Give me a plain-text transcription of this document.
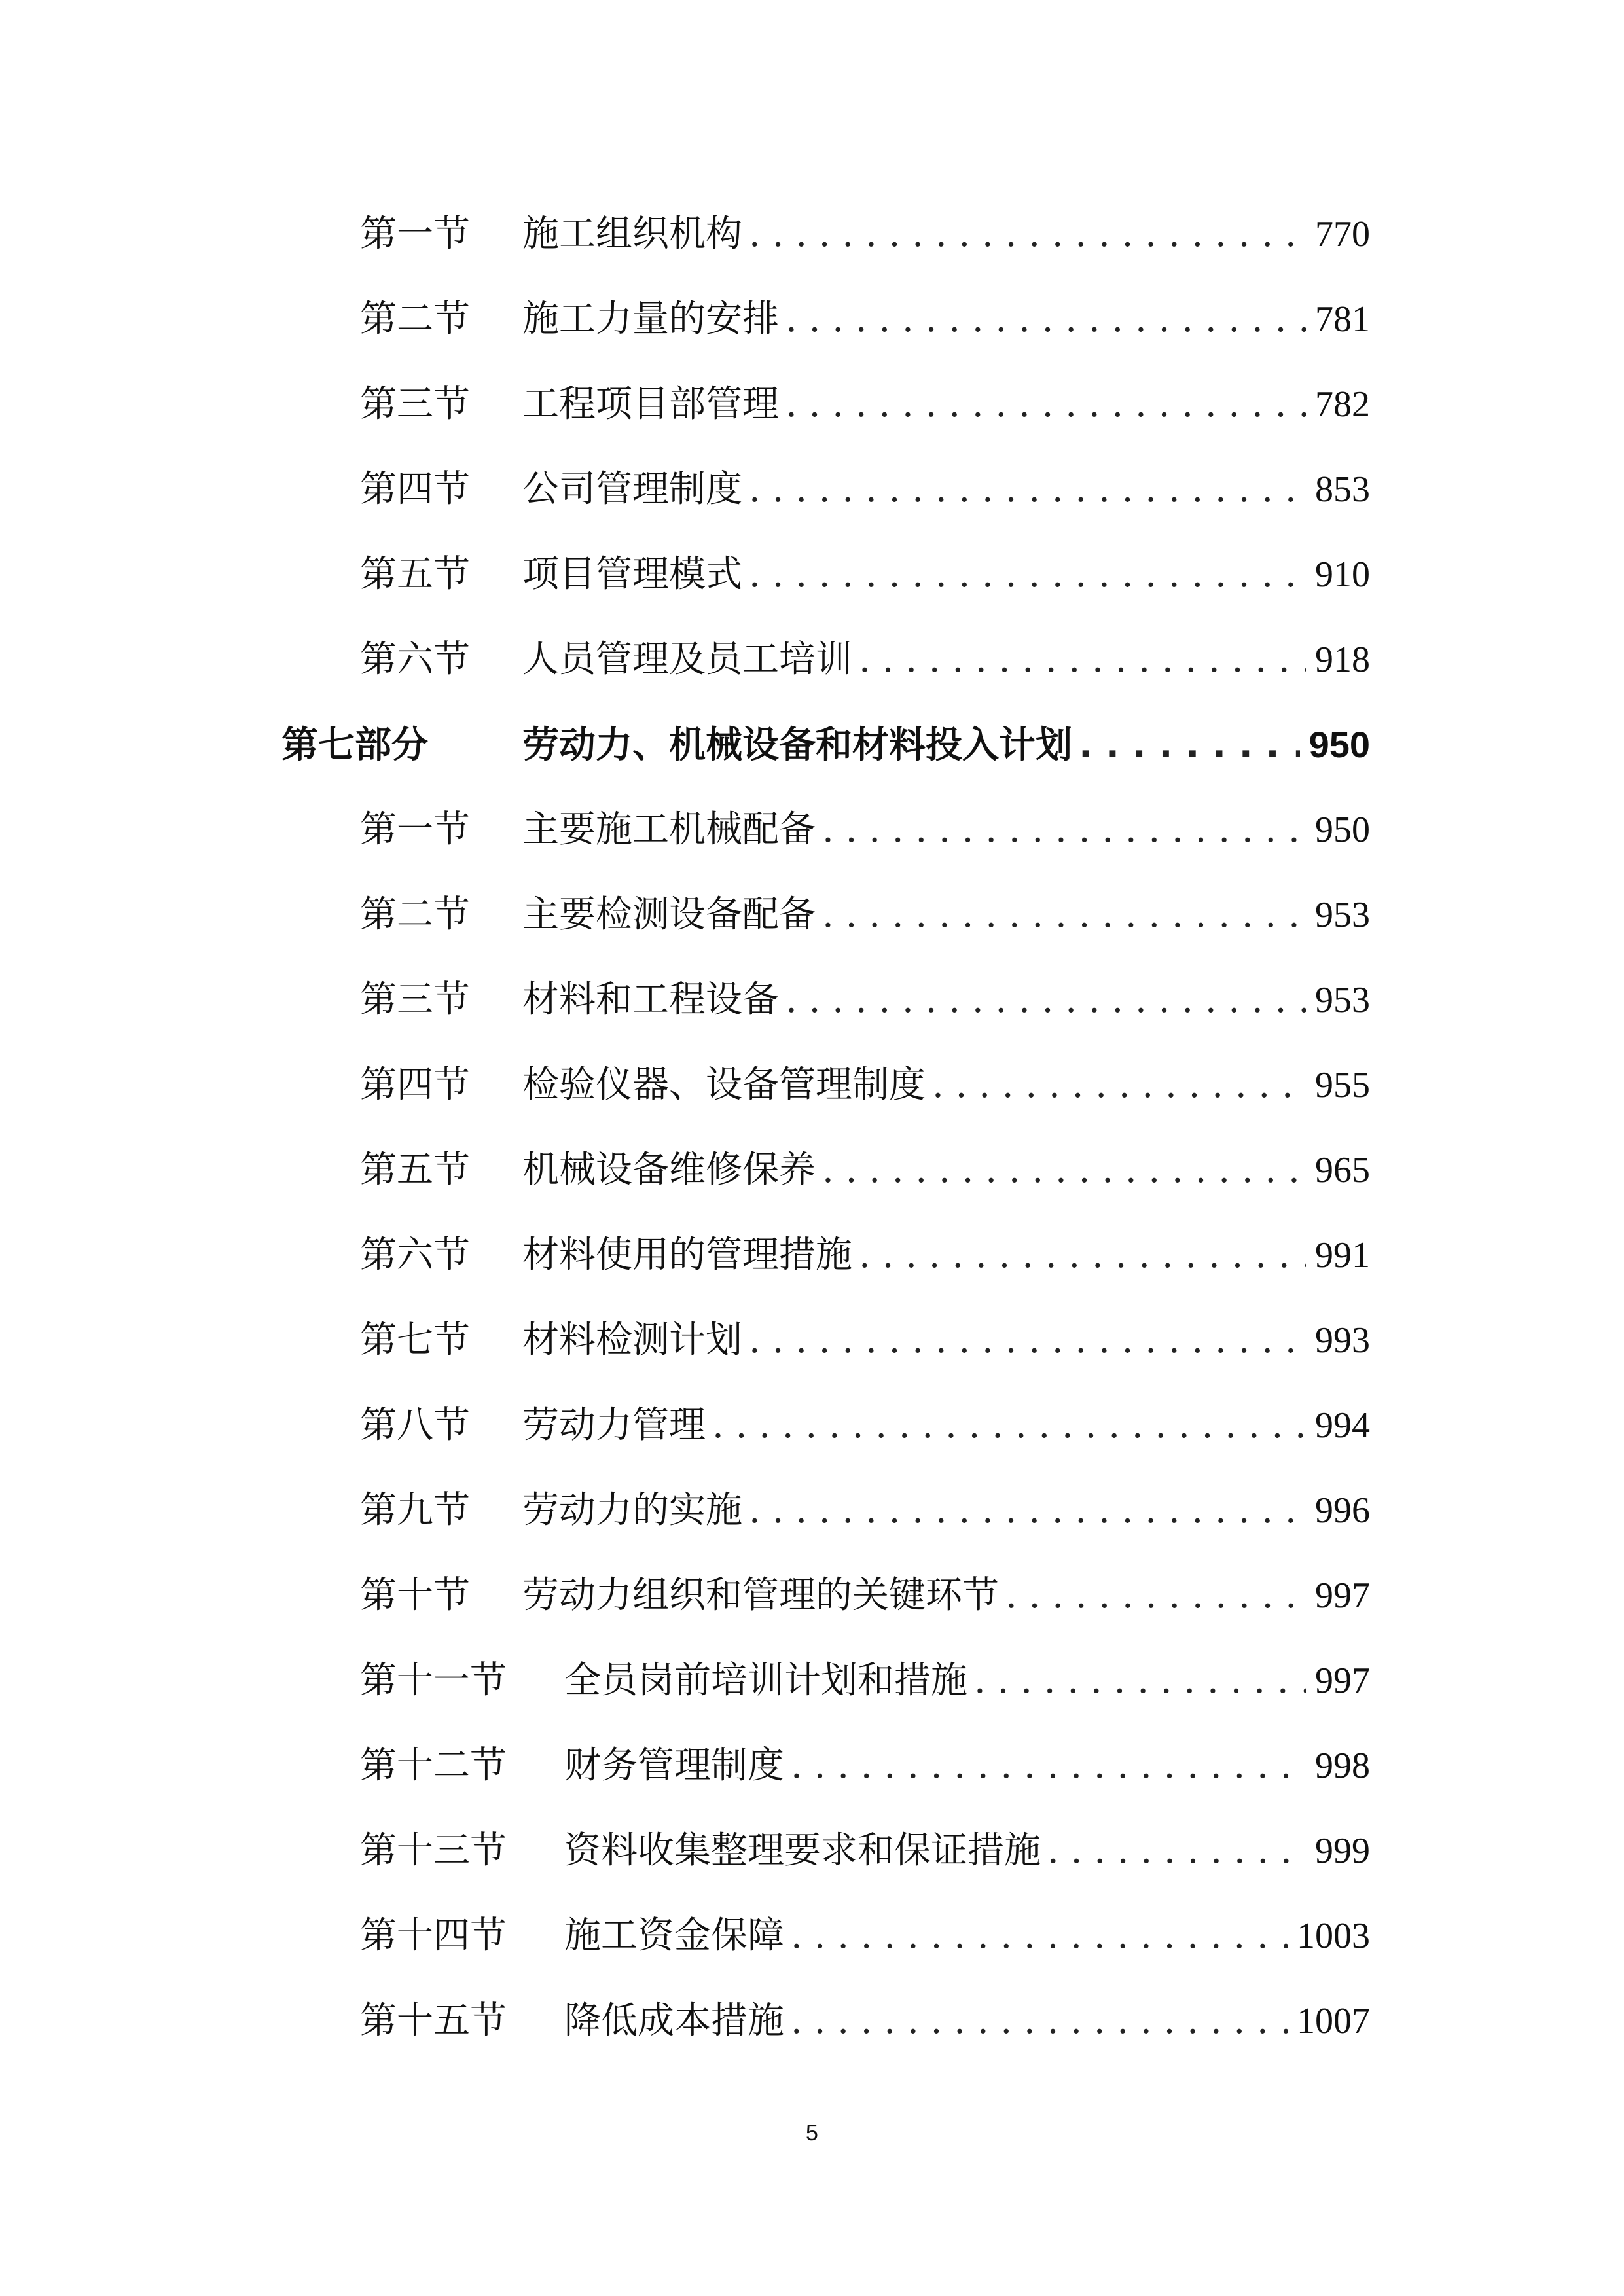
第一节	施工组织机构 . . .	770
第二节	施工力量的安排 . . .	781
第三节	工程项目部管理 . . .	782
第四节	公司管理制度 . . .	853
第五节	项目管理模式 . . .	910
第六节	人员管理及员工培训 . . .	918
第七部分	劳动力、机械设备和材料投入计划 . . .	950
第一节	主要施工机械配备 . . .	950
第二节	主要检测设备配备 . . .	953
第三节	材料和工程设备 . . .	953
第四节	检验仪器、设备管理制度 . . .	955
第五节	机械设备维修保养 . . .	965
第六节	材料使用的管理措施 . . .	991
第七节	材料检测计划 . . .	993
第八节	劳动力管理 . . .	994
第九节	劳动力的实施 . . .	996
第十节	劳动力组织和管理的关键环节 . . .	997
第十一节	全员岗前培训计划和措施 . . .	997
第十二节	财务管理制度 . . .	998
第十三节	资料收集整理要求和保证措施 . . .	999
第十四节	施工资金保障 . . .	1003
第十五节	降低成本措施 . . .	1007
5
